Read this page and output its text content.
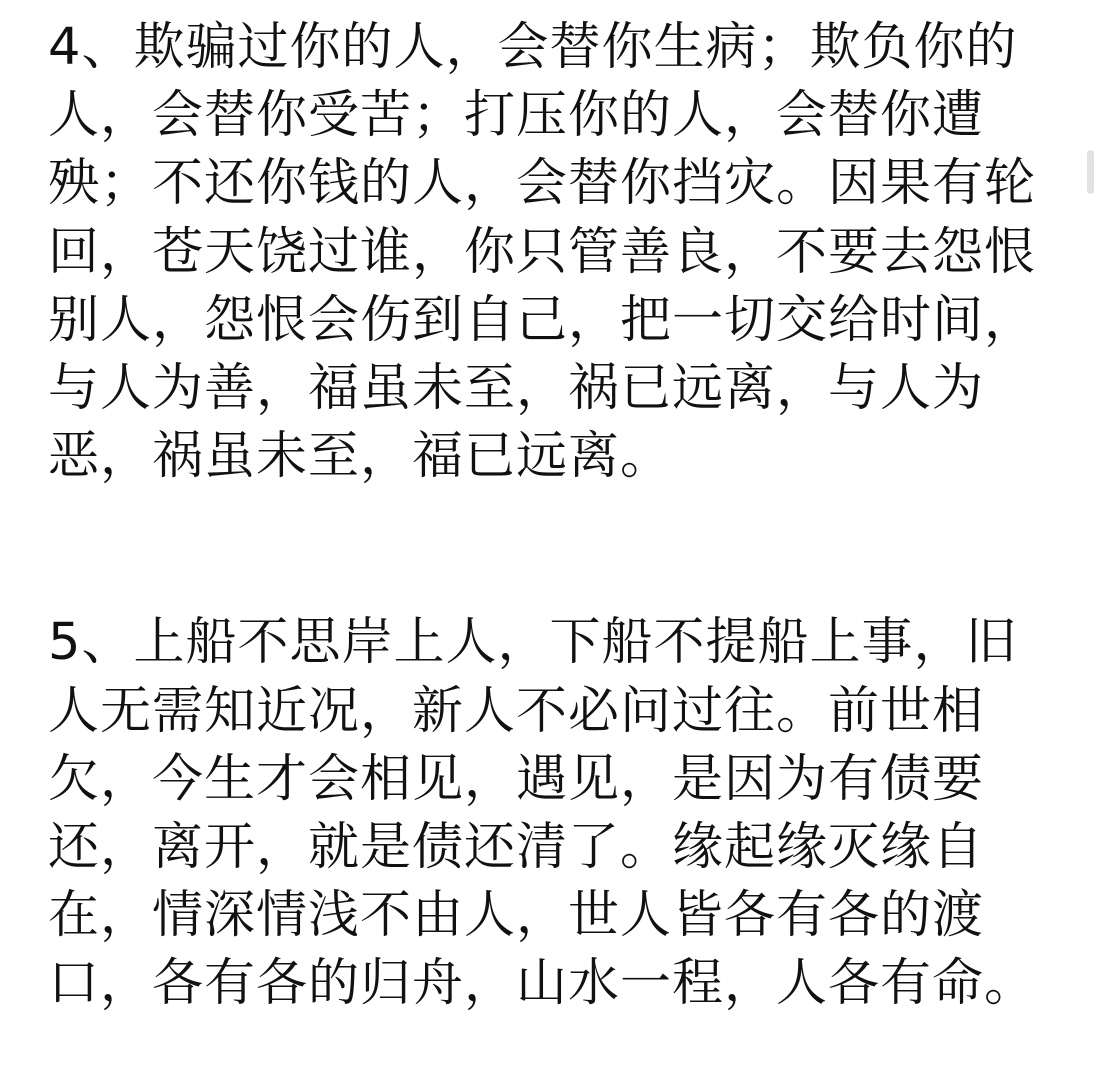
4、欺骗过你的人，会替你生病；欺负你的
人，会替你受苦；打压你的人，会替你遭
殃；不还你钱的人，会替你挡灾。因果有轮
回，苍天饶过谁，你只管善良，不要去怨恨
别人，怨恨会伤到自己，把一切交给时间，
与人为善，福虽未至，祸已远离，与人为
恶，祸虽未至，福已远离。
5、上船不思岸上人，下船不提船上事，旧
人无需知近况，新人不必问过往。前世相
欠，今生才会相见，遇见，是因为有债要
还，离开，就是债还清了。缘起缘灭缘自
在，情深情浅不由人，世人皆各有各的渡
口，各有各的归舟，山水一程，人各有命。
